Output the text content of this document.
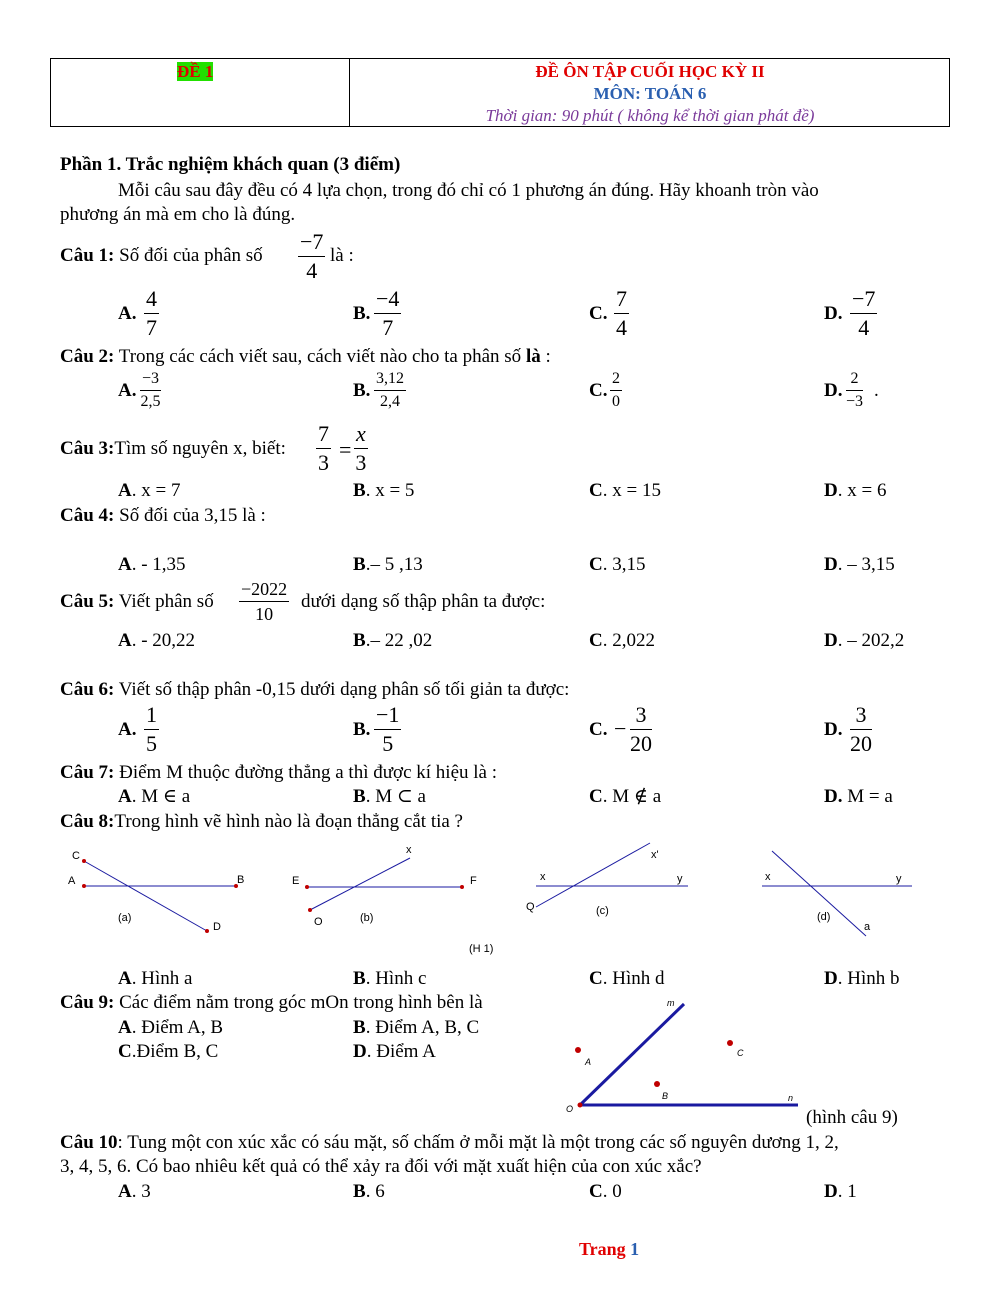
ĐỀ 1	ĐỀ ÔN TẬP CUỐI HỌC KỲ II
MÔN: TOÁN 6
Thời gian: 90 phút ( không kể thời gian phát đề)
Phần 1. Trắc nghiệm khách quan (3 điểm)
Mỗi câu sau đây đều có 4 lựa chọn, trong đó chỉ có 1 phương án đúng. Hãy khoanh tròn vào
phương án mà em cho là đúng.
Câu 1: Số đối của phân số $\frac{-7}{4}$ là :
A. $\frac{4}{7}$	B. $\frac{-4}{7}$	C. $\frac{7}{4}$	D. $\frac{-7}{4}$
Câu 2: Trong các cách viết sau, cách viết nào cho ta phân số là :
A. $\frac{-3}{2,5}$	B. $\frac{3,12}{2,4}$	C. $\frac{2}{0}$	D. $\frac{2}{-3}$ .
Câu 3:Tìm số nguyên x, biết: $\frac{7}{3} = \frac{x}{3}$
A. x = 7	B. x = 5	C. x = 15	D. x = 6
Câu 4: Số đối của 3,15 là :
A. - 1,35	B.– 5 ,13	C. 3,15	D. – 3,15
Câu 5: Viết phân số $\frac{-2022}{10}$ dưới dạng số thập phân ta được:
A. - 20,22	B.– 22 ,02	C. 2,022	D. – 202,2
Câu 6: Viết số thập phân -0,15 dưới dạng phân số tối giản ta được:
A. $\frac{1}{5}$	B. $\frac{-1}{5}$	C. − $\frac{3}{20}$	D. $\frac{3}{20}$
Câu 7: Điểm M thuộc đường thẳng a thì được kí hiệu là :
A. M ∈ a	B. M ⊂ a	C. M ∉ a	D. M = a
Câu 8:Trong hình vẽ hình nào là đoạn thẳng cắt tia ?
C
A	B
D
(a)
x
E	F
O	(b)
x'
x	y
Q	(c)
x	y
a
(d)
(H 1)
m
n
O
A
B
C
A. Hình a	B. Hình c	C. Hình d	D. Hình b
Câu 9: Các điểm nằm trong góc mOn trong hình bên là
A. Điểm A, B	B. Điểm A, B, C
C.Điểm B, C	D. Điểm A
(hình câu 9)
Câu 10: Tung một con xúc xắc có sáu mặt, số chấm ở mỗi mặt là một trong các số nguyên dương 1, 2,
3, 4, 5, 6. Có bao nhiêu kết quả có thể xảy ra đối với mặt xuất hiện của con xúc xắc?
A. 3	B. 6	C. 0	D. 1
Trang 1
